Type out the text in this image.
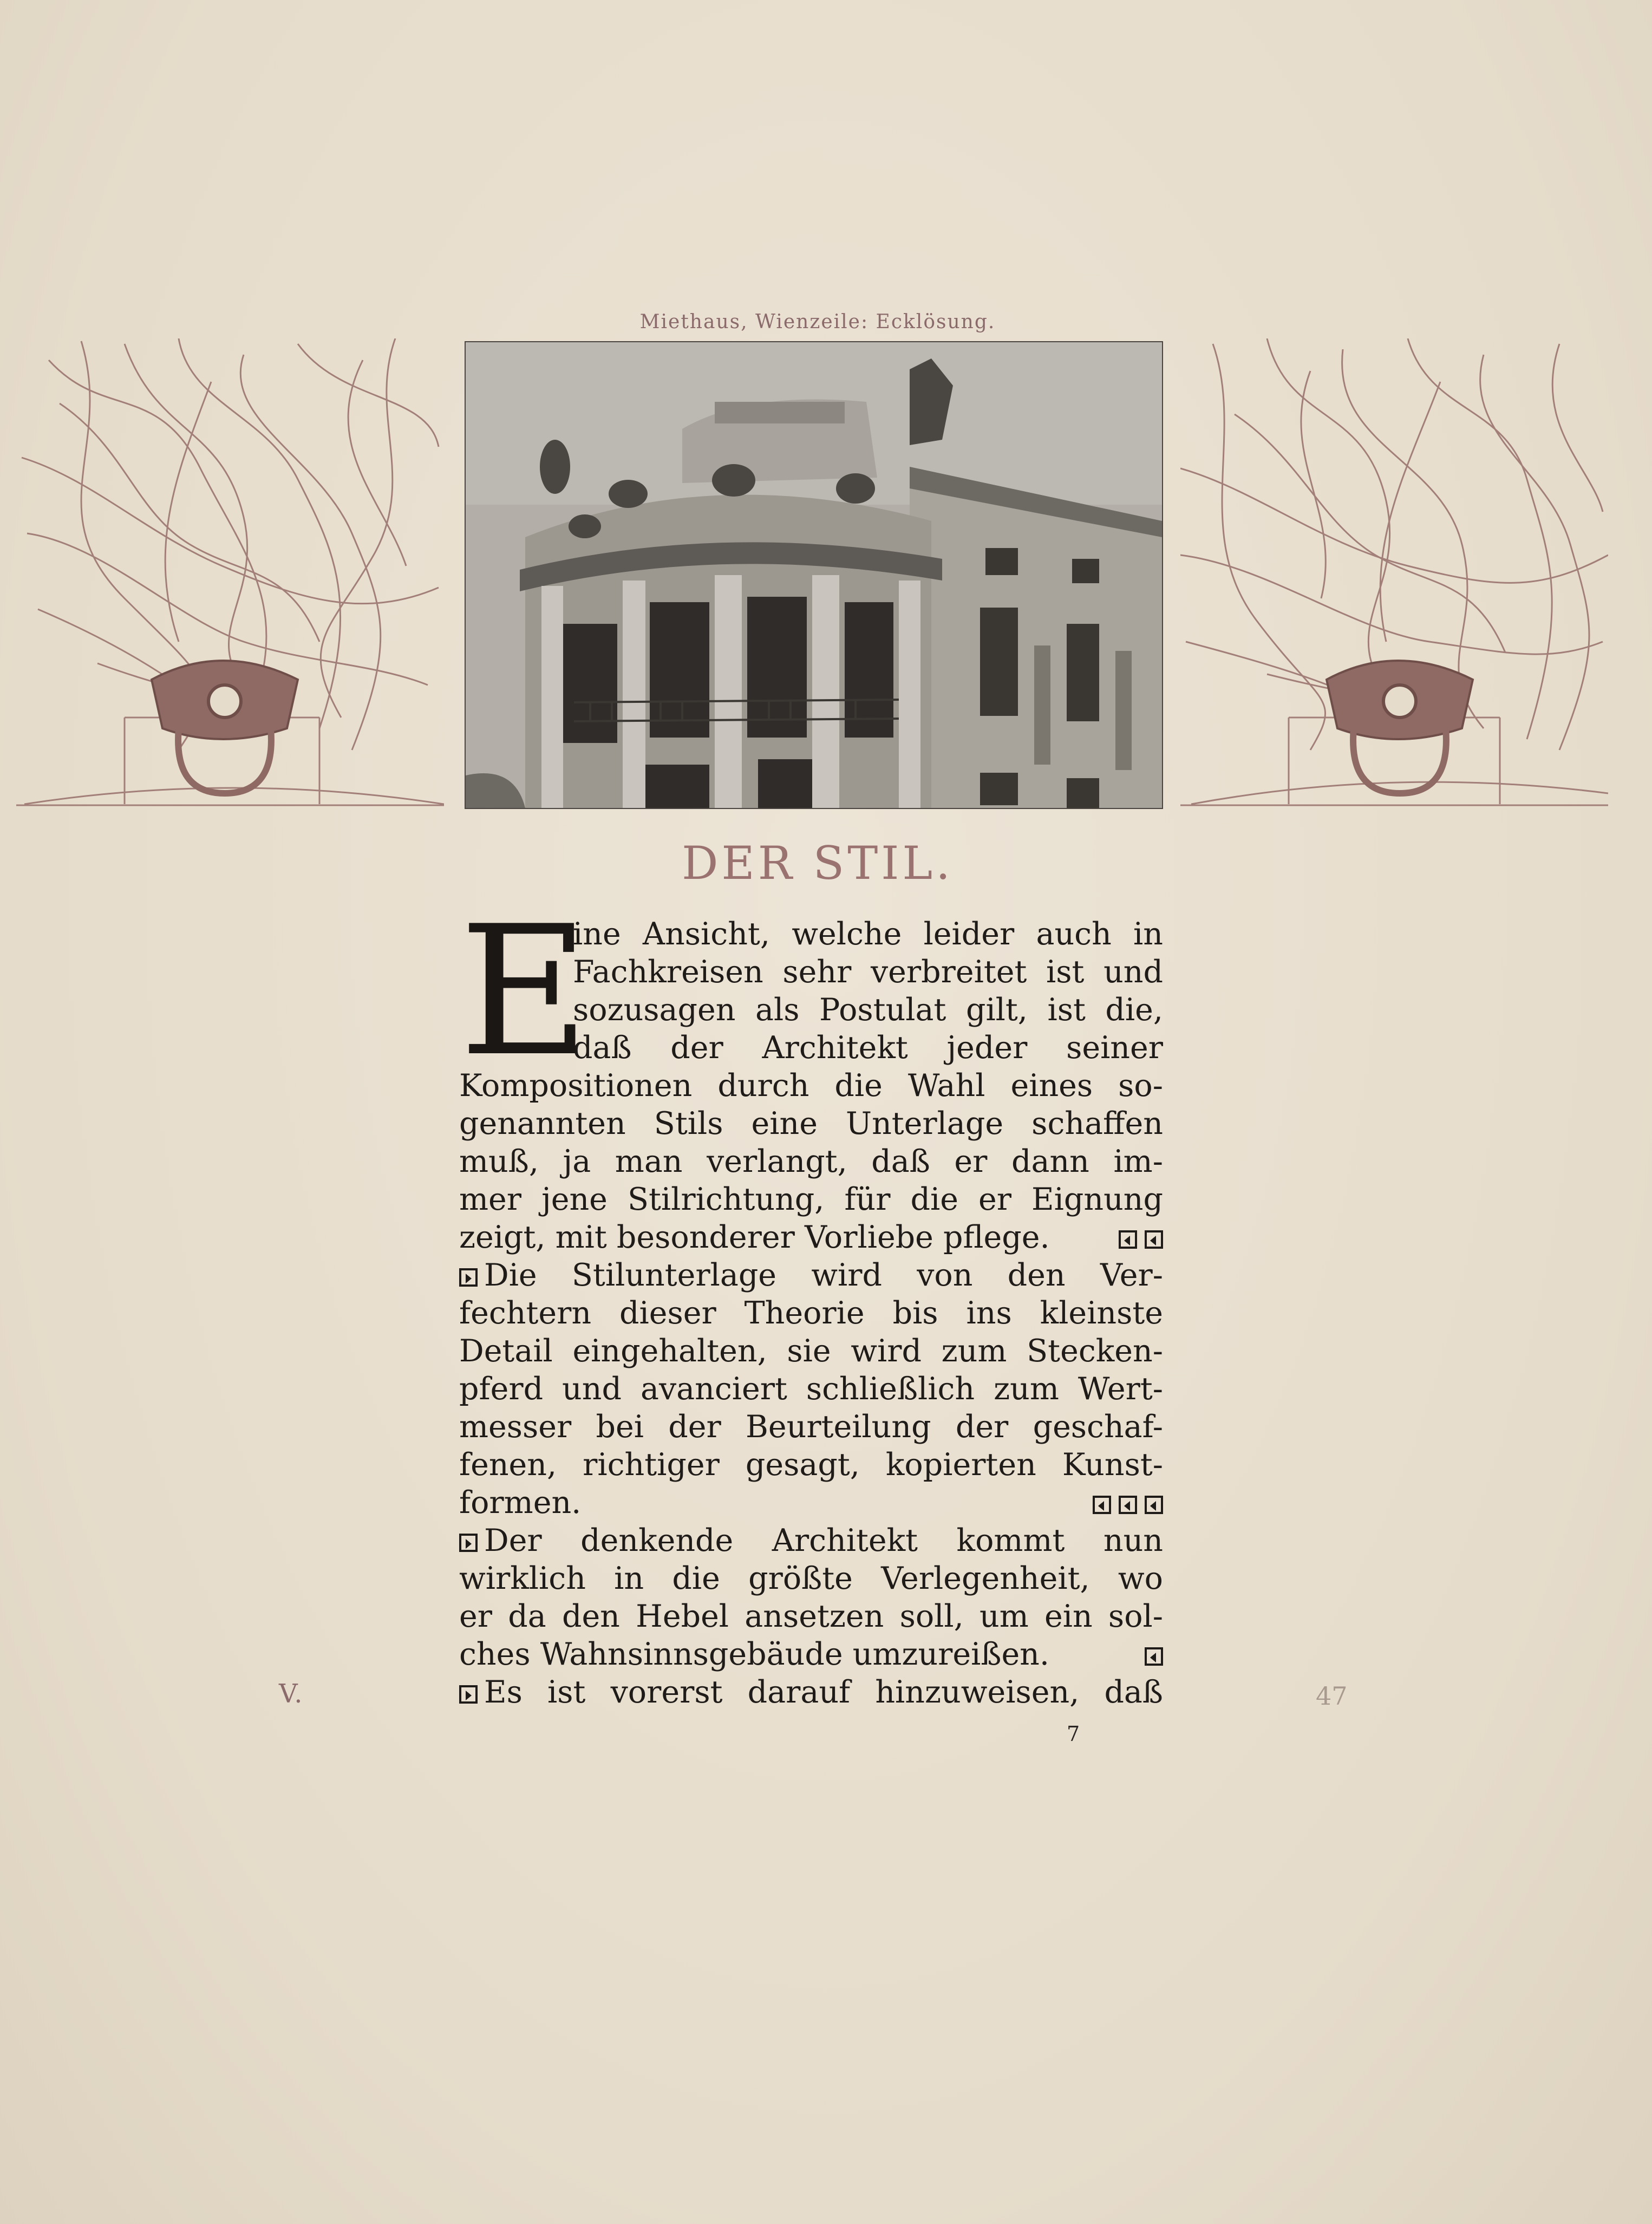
Miethaus, Wienzeile: Ecklösung.
DER STIL.
E
ine Ansicht, welche leider auch in
Fachkreisen sehr verbreitet ist und
sozusagen als Postulat gilt, ist die,
daß der Architekt jeder seiner
Kompositionen durch die Wahl eines so-
genannten Stils eine Unterlage schaffen
muß, ja man verlangt, daß er dann im-
mer jene Stilrichtung, für die er Eignung
zeigt, mit besonderer Vorliebe pflege.
Die Stilunterlage wird von den Ver-
fechtern dieser Theorie bis ins kleinste
Detail eingehalten, sie wird zum Stecken-
pferd und avanciert schließlich zum Wert-
messer bei der Beurteilung der geschaf-
fenen, richtiger gesagt, kopierten Kunst-
formen.
Der denkende Architekt kommt nun
wirklich in die größte Verlegenheit, wo
er da den Hebel ansetzen soll, um ein sol-
ches Wahnsinnsgebäude umzureißen.
Es ist vorerst darauf hinzuweisen, daß
V.	47
7
